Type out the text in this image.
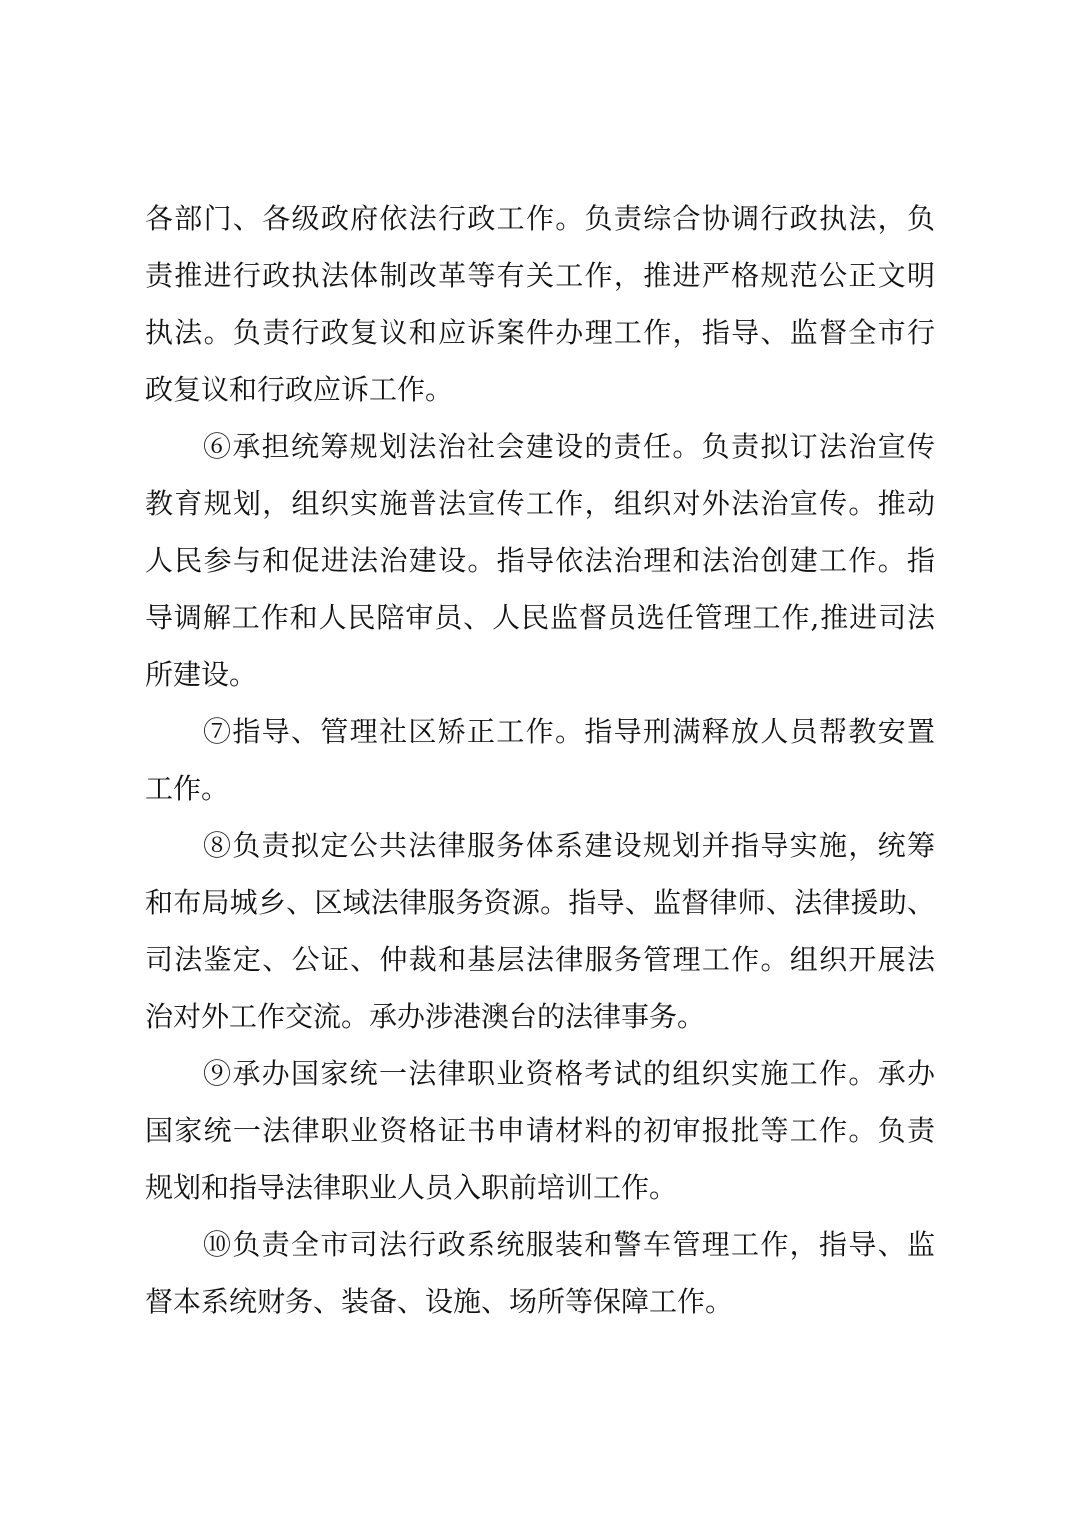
各部门、各级政府依法行政工作。负责综合协调行政执法，负
责推进行政执法体制改革等有关工作，推进严格规范公正文明
执法。负责行政复议和应诉案件办理工作，指导、监督全市行
政复议和行政应诉工作。
⑥承担统筹规划法治社会建设的责任。负责拟订法治宣传
教育规划，组织实施普法宣传工作，组织对外法治宣传。推动
人民参与和促进法治建设。指导依法治理和法治创建工作。指
导调解工作和人民陪审员、人民监督员选任管理工作,推进司法
所建设。
⑦指导、管理社区矫正工作。指导刑满释放人员帮教安置
工作。
⑧负责拟定公共法律服务体系建设规划并指导实施，统筹
和布局城乡、区域法律服务资源。指导、监督律师、法律援助、
司法鉴定、公证、仲裁和基层法律服务管理工作。组织开展法
治对外工作交流。承办涉港澳台的法律事务。
⑨承办国家统一法律职业资格考试的组织实施工作。承办
国家统一法律职业资格证书申请材料的初审报批等工作。负责
规划和指导法律职业人员入职前培训工作。
⑩负责全市司法行政系统服装和警车管理工作，指导、监
督本系统财务、装备、设施、场所等保障工作。
